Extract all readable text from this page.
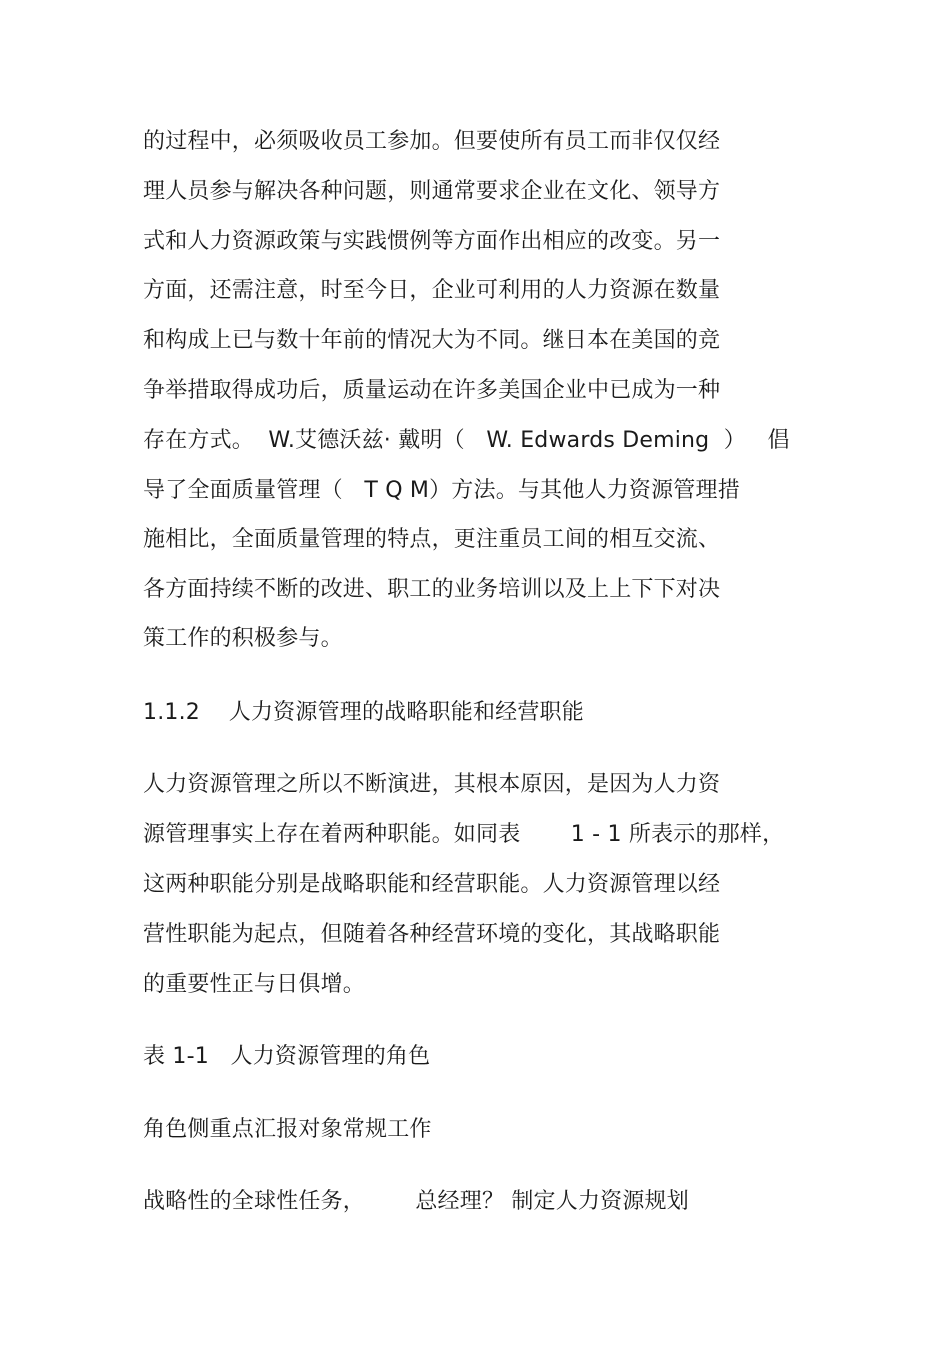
的过程中，必须吸收员工参加。但要使所有员工而非仅仅经
理人员参与解决各种问题，则通常要求企业在文化、领导方
式和人力资源政策与实践惯例等方面作出相应的改变。另一
方面，还需注意，时至今日，企业可利用的人力资源在数量
和构成上已与数十年前的情况大为不同。继日本在美国的竞
争举措取得成功后，质量运动在许多美国企业中已成为一种
存在方式。  W.艾德沃兹· 戴明（   W. Edwards Deming  ）   倡
导了全面质量管理（   T Q M）方法。与其他人力资源管理措
施相比，全面质量管理的特点，更注重员工间的相互交流、
各方面持续不断的改进、职工的业务培训以及上上下下对决
策工作的积极参与。
1.1.2    人力资源管理的战略职能和经营职能
人力资源管理之所以不断演进，其根本原因，是因为人力资
源管理事实上存在着两种职能。如同表       1 - 1 所表示的那样，
这两种职能分别是战略职能和经营职能。人力资源管理以经
营性职能为起点，但随着各种经营环境的变化，其战略职能
的重要性正与日俱增。
表 1-1   人力资源管理的角色
角色侧重点汇报对象常规工作
战略性的全球性任务，       总经理？ 制定人力资源规划
